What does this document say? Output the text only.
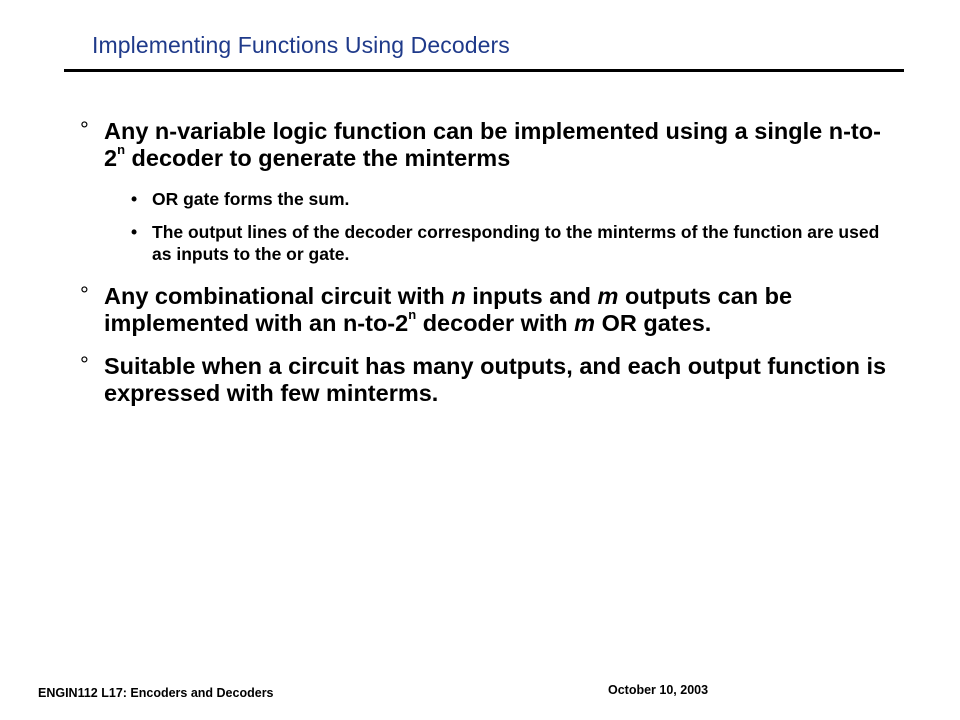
Implementing Functions Using Decoders
° Any n-variable logic function can be implemented using a single n-to-2$^n$ decoder to generate the minterms
• OR gate forms the sum.
• The output lines of the decoder corresponding to the minterms of the function are used as inputs to the or gate.
° Any combinational circuit with n inputs and m outputs can be implemented with an n-to-2$^n$ decoder with m OR gates.
° Suitable when a circuit has many outputs, and each output function is expressed with few minterms.
ENGIN112 L17: Encoders and Decoders	October 10, 2003
